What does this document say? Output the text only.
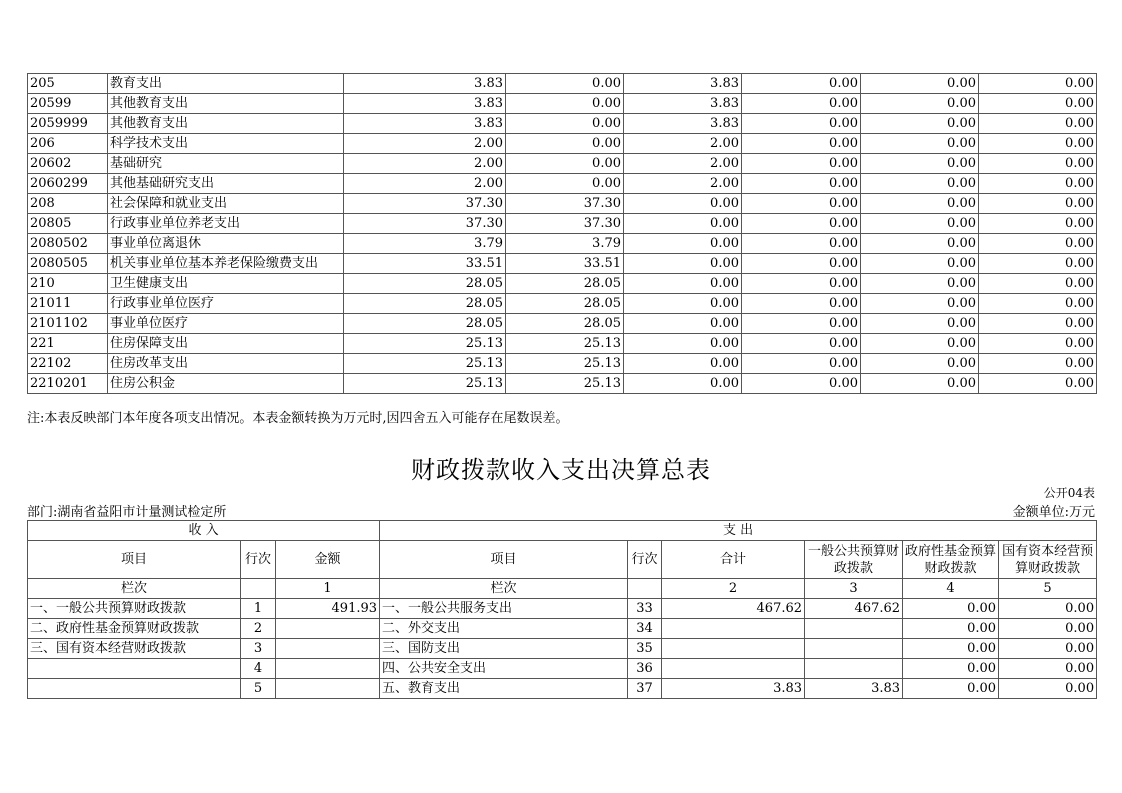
205	教育支出	3.83	0.00	3.83	0.00	0.00	0.00
20599	其他教育支出	3.83	0.00	3.83	0.00	0.00	0.00
2059999	其他教育支出	3.83	0.00	3.83	0.00	0.00	0.00
206	科学技术支出	2.00	0.00	2.00	0.00	0.00	0.00
20602	基础研究	2.00	0.00	2.00	0.00	0.00	0.00
2060299	其他基础研究支出	2.00	0.00	2.00	0.00	0.00	0.00
208	社会保障和就业支出	37.30	37.30	0.00	0.00	0.00	0.00
20805	行政事业单位养老支出	37.30	37.30	0.00	0.00	0.00	0.00
2080502	事业单位离退休	3.79	3.79	0.00	0.00	0.00	0.00
2080505	机关事业单位基本养老保险缴费支出	33.51	33.51	0.00	0.00	0.00	0.00
210	卫生健康支出	28.05	28.05	0.00	0.00	0.00	0.00
21011	行政事业单位医疗	28.05	28.05	0.00	0.00	0.00	0.00
2101102	事业单位医疗	28.05	28.05	0.00	0.00	0.00	0.00
221	住房保障支出	25.13	25.13	0.00	0.00	0.00	0.00
22102	住房改革支出	25.13	25.13	0.00	0.00	0.00	0.00
2210201	住房公积金	25.13	25.13	0.00	0.00	0.00	0.00
注:本表反映部门本年度各项支出情况。本表金额转换为万元时,因四舍五入可能存在尾数误差。
财政拨款收入支出决算总表
公开04表
部门:湖南省益阳市计量测试检定所	金额单位:万元
收 入			支 出					
项目	行次	金额	项目	行次	合计	一般公共预算财政拨款	政府性基金预算财政拨款	国有资本经营预算财政拨款
栏次		1	栏次		2	3	4	5
一、一般公共预算财政拨款	1	491.93	一、一般公共服务支出	33	467.62	467.62	0.00	0.00
二、政府性基金预算财政拨款	2		二、外交支出	34			0.00	0.00
三、国有资本经营财政拨款	3		三、国防支出	35			0.00	0.00
	4		四、公共安全支出	36			0.00	0.00
	5		五、教育支出	37	3.83	3.83	0.00	0.00
